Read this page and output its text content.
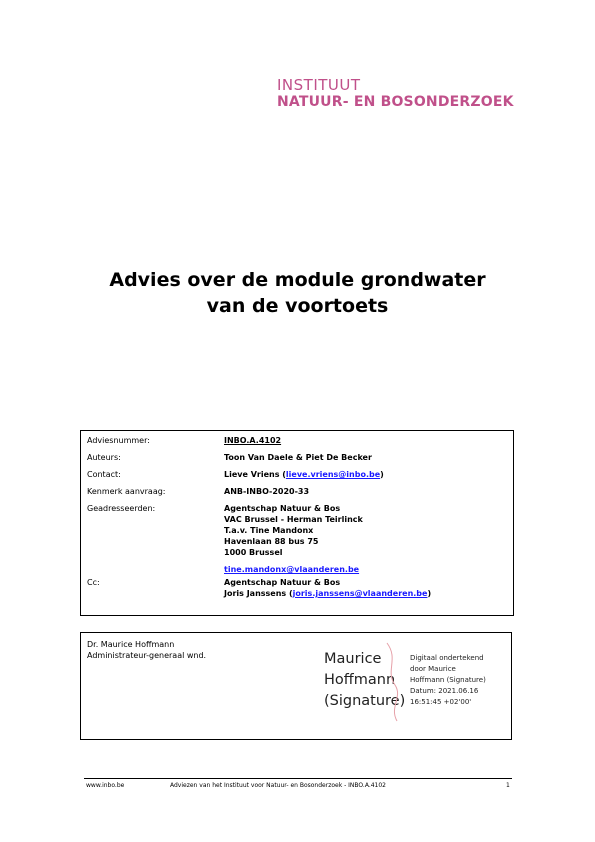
INSTITUUT
NATUUR- EN BOSONDERZOEK
Advies over de module grondwater
van de voortoets
Adviesnummer:	INBO.A.4102
Auteurs:	Toon Van Daele & Piet De Becker
Contact:	Lieve Vriens (lieve.vriens@inbo.be)
Kenmerk aanvraag:	ANB-INBO-2020-33
Geadresseerden:	Agentschap Natuur & Bos
VAC Brussel - Herman Teirlinck
T.a.v. Tine Mandonx
Havenlaan 88 bus 75
1000 Brussel
tine.mandonx@vlaanderen.be
Cc:	Agentschap Natuur & Bos
Joris Janssens (joris.janssens@vlaanderen.be)
Dr. Maurice Hoffmann
Administrateur-generaal wnd.	Maurice
Hoffmann
(Signature)
Digitaal ondertekend
door Maurice
Hoffmann (Signature)
Datum: 2021.06.16
16:51:45 +02'00'
www.inbo.be	Adviezen van het Instituut voor Natuur- en Bosonderzoek - INBO.A.4102	1
